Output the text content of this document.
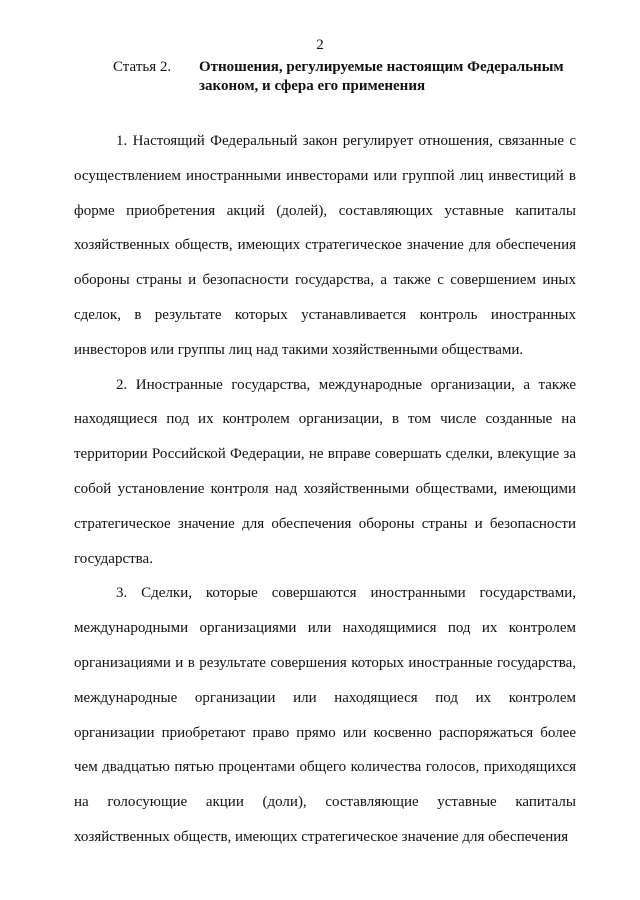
2
Статья 2. Отношения, регулируемые настоящим Федеральным законом, и сфера его применения

1. Настоящий Федеральный закон регулирует отношения, связанные с осуществлением иностранными инвесторами или группой лиц инвестиций в форме приобретения акций (долей), составляющих уставные капиталы хозяйственных обществ, имеющих стратегическое значение для обеспечения обороны страны и безопасности государства, а также с совершением иных сделок, в результате которых устанавливается контроль иностранных инвесторов или группы лиц над такими хозяйственными обществами.

2. Иностранные государства, международные организации, а также находящиеся под их контролем организации, в том числе созданные на территории Российской Федерации, не вправе совершать сделки, влекущие за собой установление контроля над хозяйственными обществами, имеющими стратегическое значение для обеспечения обороны страны и безопасности государства.

3. Сделки, которые совершаются иностранными государствами, международными организациями или находящимися под их контролем организациями и в результате совершения которых иностранные государства, международные организации или находящиеся под их контролем организации приобретают право прямо или косвенно распоряжаться более чем двадцатью пятью процентами общего количества голосов, приходящихся на голосующие акции (доли), составляющие уставные капиталы хозяйственных обществ, имеющих стратегическое значение для обеспечения
